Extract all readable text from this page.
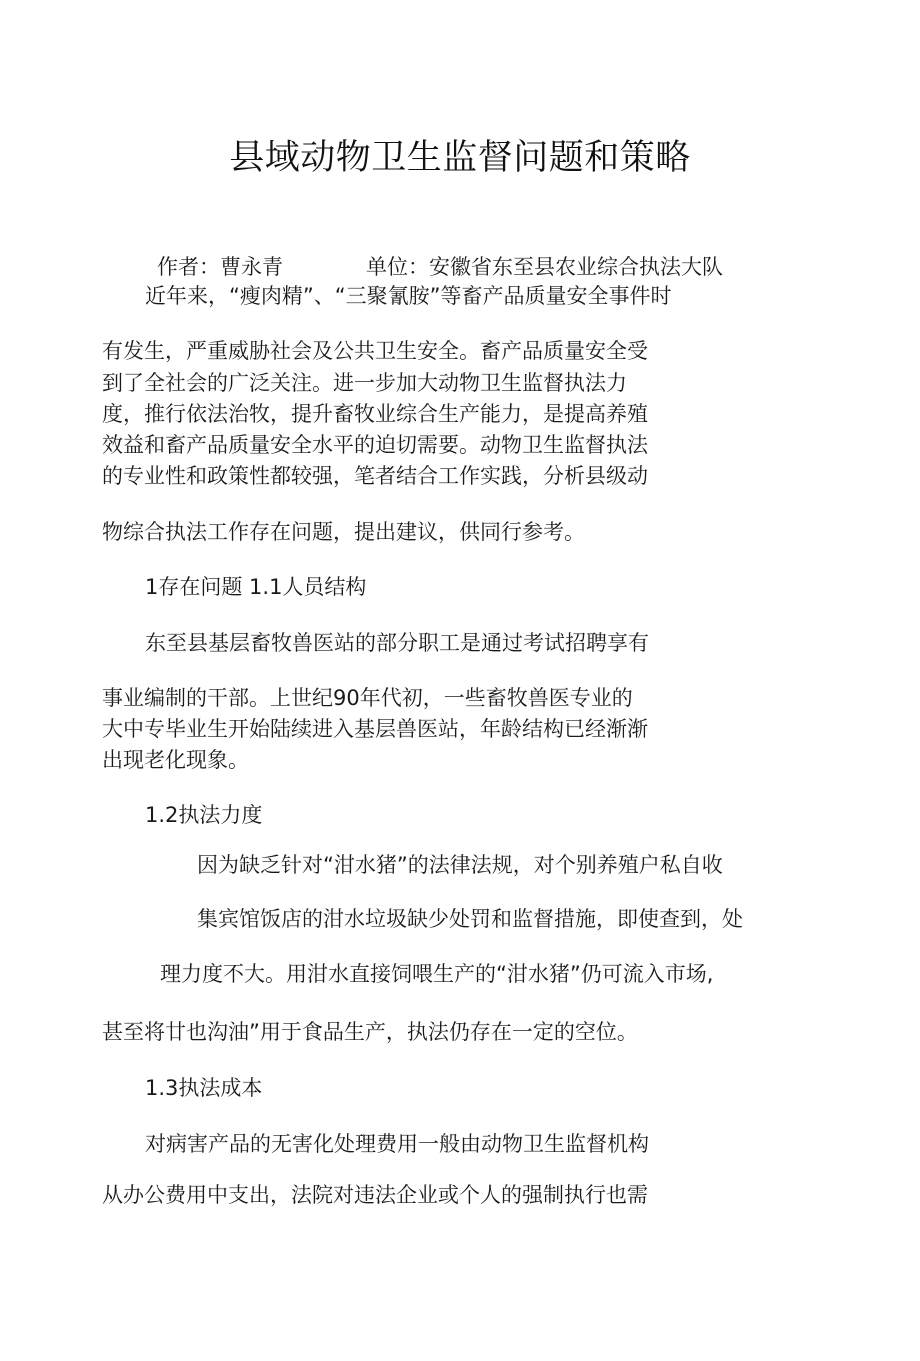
县域动物卫生监督问题和策略
作者：曹永青	单位：安徽省东至县农业综合执法大队
近年来，“瘦肉精”、“三聚氰胺”等畜产品质量安全事件时
有发生，严重威胁社会及公共卫生安全。畜产品质量安全受
到了全社会的广泛关注。进一步加大动物卫生监督执法力
度，推行依法治牧，提升畜牧业综合生产能力，是提高养殖
效益和畜产品质量安全水平的迫切需要。动物卫生监督执法
的专业性和政策性都较强，笔者结合工作实践，分析县级动
物综合执法工作存在问题，提出建议，供同行参考。
1存在问题 1.1人员结构
东至县基层畜牧兽医站的部分职工是通过考试招聘享有
事业编制的干部。上世纪90年代初，一些畜牧兽医专业的
大中专毕业生开始陆续进入基层兽医站，年龄结构已经渐渐
出现老化现象。
1.2执法力度
因为缺乏针对“泔水猪”的法律法规，对个别养殖户私自收
集宾馆饭店的泔水垃圾缺少处罚和监督措施，即使查到，处
理力度不大。用泔水直接饲喂生产的“泔水猪”仍可流入市场,
甚至将廿也沟油”用于食品生产，执法仍存在一定的空位。
1.3执法成本
对病害产品的无害化处理费用一般由动物卫生监督机构
从办公费用中支出，法院对违法企业或个人的强制执行也需
